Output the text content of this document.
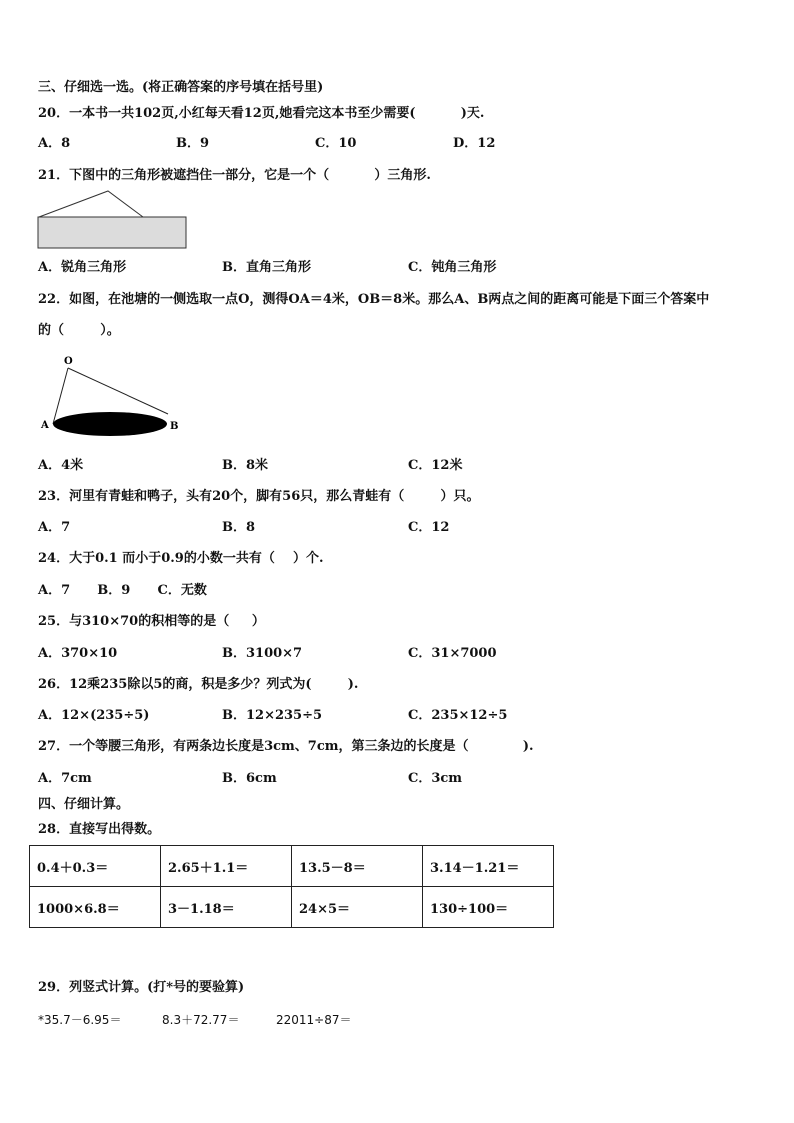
三、仔细选一选。(将正确答案的序号填在括号里)
20．一本书一共102页,小红每天看12页,她看完这本书至少需要(          )天.
A．8	B．9	C．10	D．12
21．下图中的三角形被遮挡住一部分，它是一个（          ）三角形.
A．锐角三角形	B．直角三角形	C．钝角三角形
22．如图，在池塘的一侧选取一点O，测得OA＝4米，OB＝8米。那么A、B两点之间的距离可能是下面三个答案中
的（        ）。
O
A	B
A．4米	B．8米	C．12米
23．河里有青蛙和鸭子，头有20个，脚有56只，那么青蛙有（        ）只。
A．7	B．8	C．12
24．大于0.1 而小于0.9的小数一共有（    ）个.
A．7      B．9      C．无数
25．与310×70的积相等的是（     ）
A．370×10	B．3100×7	C．31×7000
26．12乘235除以5的商，积是多少？列式为(        ).
A．12×(235÷5)	B．12×235÷5	C．235×12÷5
27．一个等腰三角形，有两条边长度是3cm、7cm，第三条边的长度是（            ).
A．7cm	B．6cm	C．3cm
四、仔细计算。
28．直接写出得数。
0.4＋0.3＝	2.65＋1.1＝	13.5－8＝	3.14－1.21＝
1000×6.8＝	3－1.18＝	24×5＝	130÷100＝
29．列竖式计算。(打*号的要验算)
*35.7－6.95＝	8.3＋72.77＝	22011÷87＝
